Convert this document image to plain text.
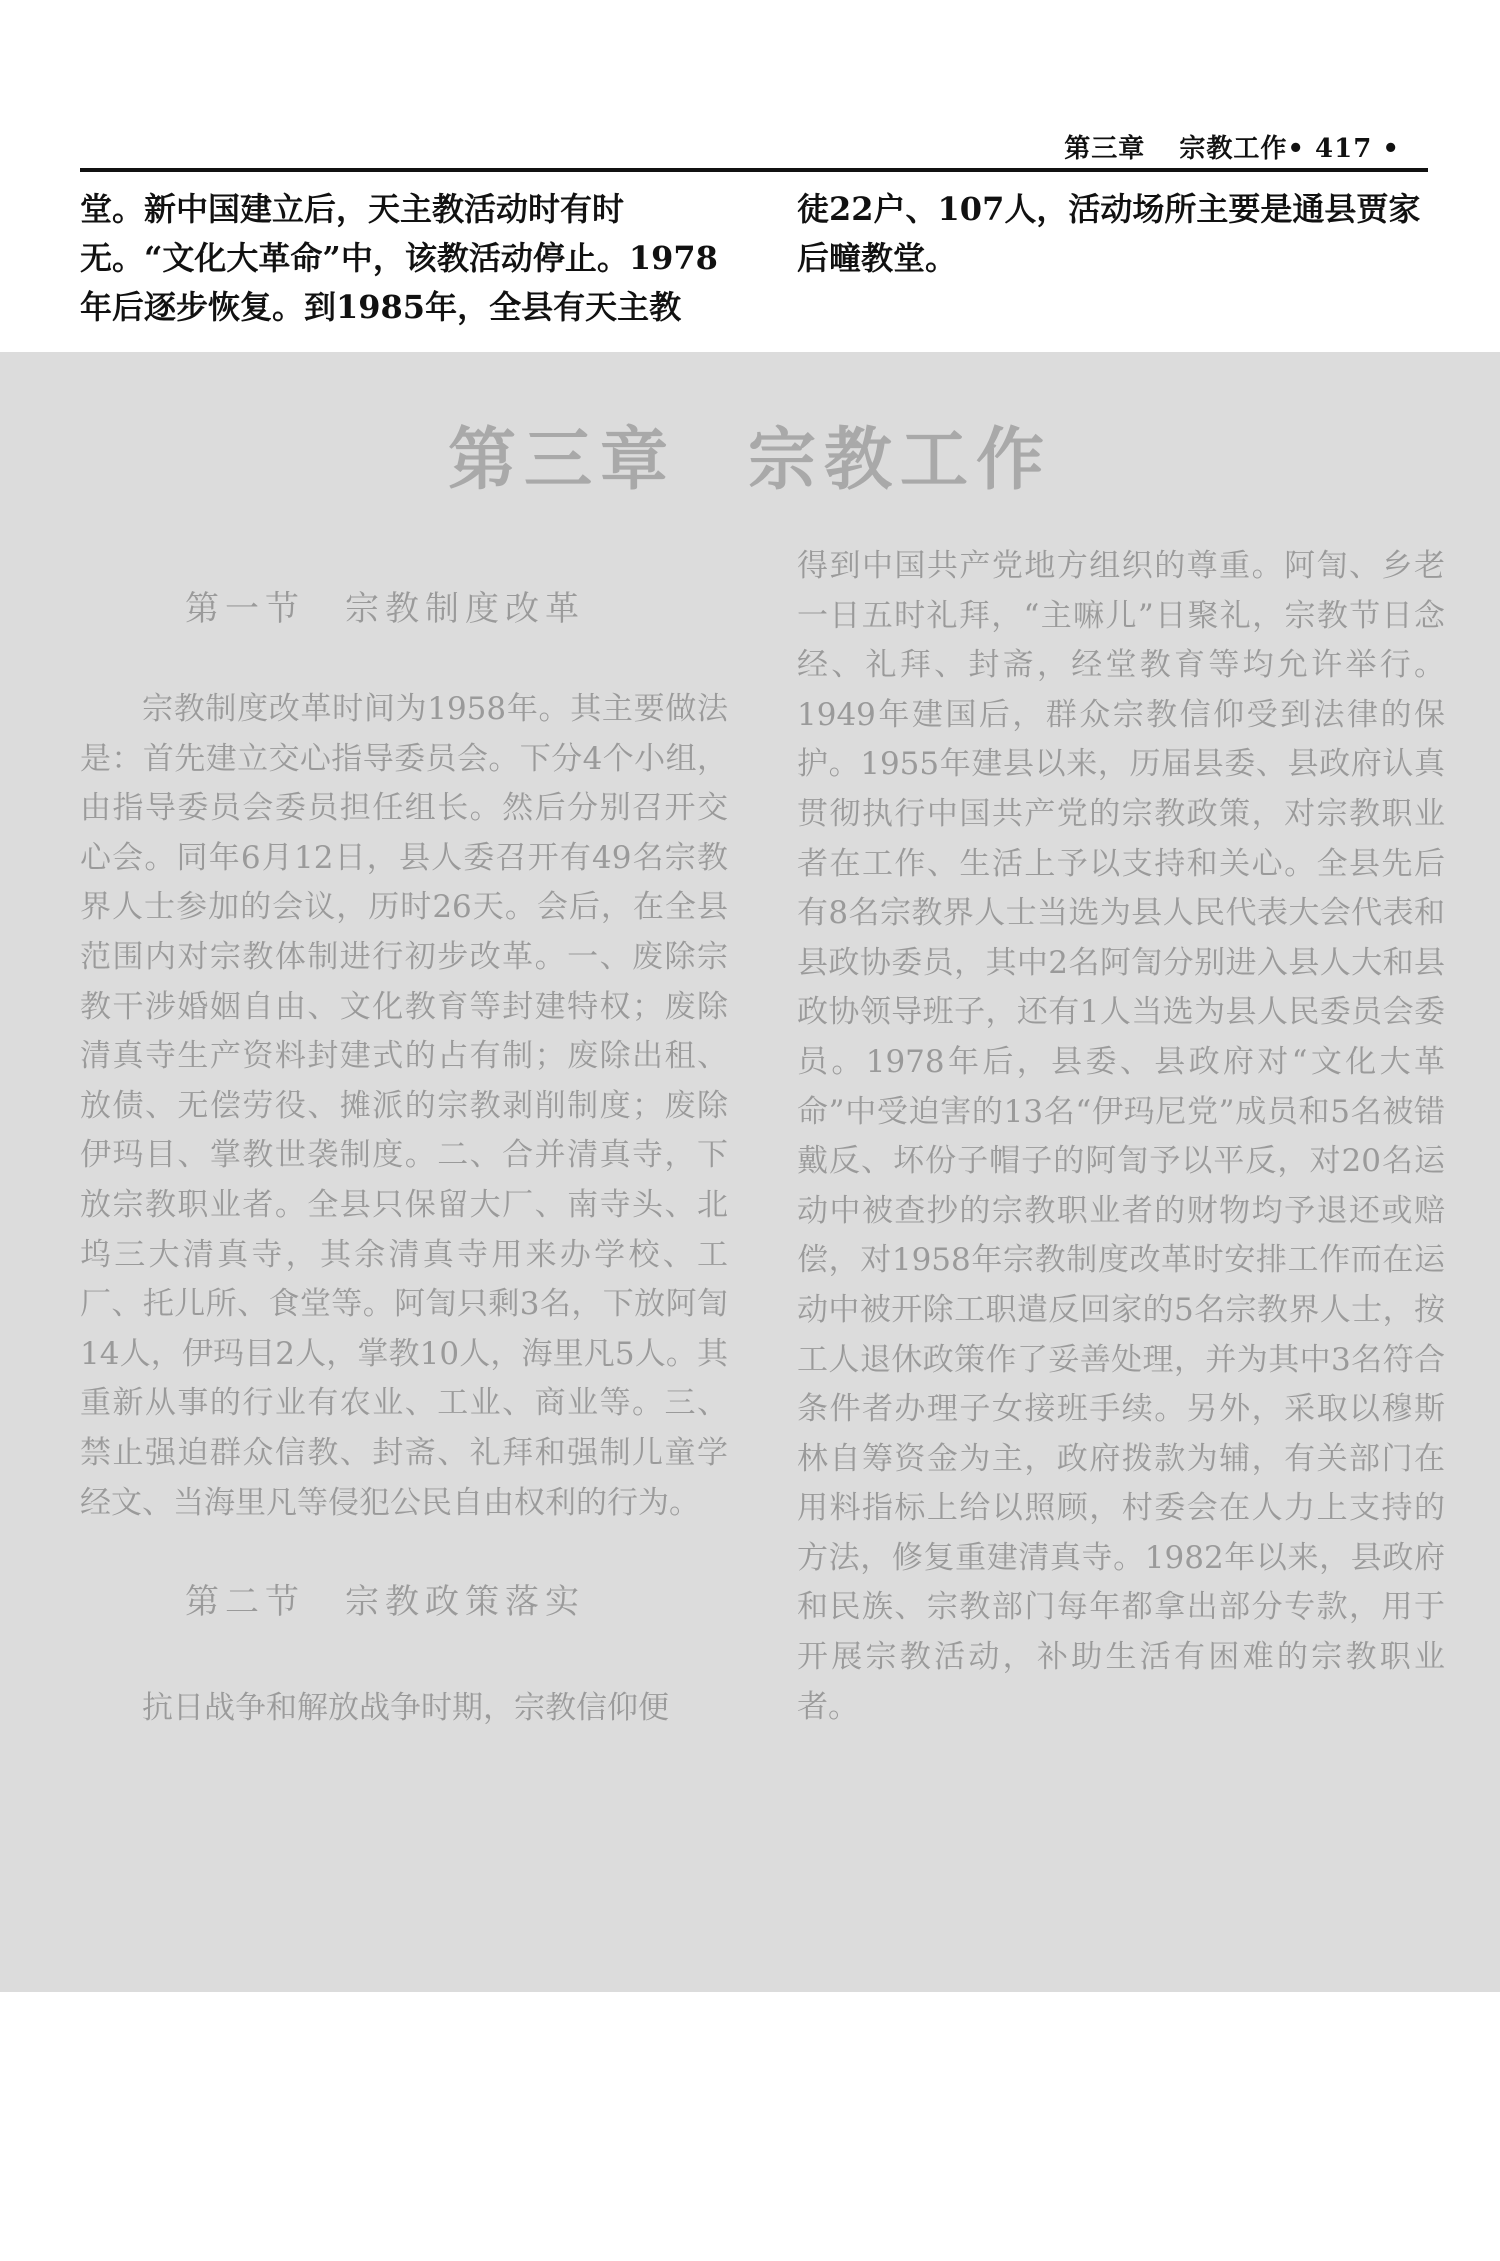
第三章 宗教工作• 417 •
堂。新中国建立后，天主教活动时有时无。“文化大革命”中，该教活动停止。1978年后逐步恢复。到1985年，全县有天主教
徒22户、107人，活动场所主要是通县贾家后疃教堂。
第三章 宗教工作
第一节 宗教制度改革

宗教制度改革时间为1958年。其主要做法是：首先建立交心指导委员会。下分4个小组，由指导委员会委员担任组长。然后分别召开交心会。同年6月12日，县人委召开有49名宗教界人士参加的会议，历时26天。会后，在全县范围内对宗教体制进行初步改革。一、废除宗教干涉婚姻自由、文化教育等封建特权；废除清真寺生产资料封建式的占有制；废除出租、放债、无偿劳役、摊派的宗教剥削制度；废除伊玛目、掌教世袭制度。二、合并清真寺，下放宗教职业者。全县只保留大厂、南寺头、北坞三大清真寺，其余清真寺用来办学校、工厂、托儿所、食堂等。阿訇只剩3名，下放阿訇14人，伊玛目2人，掌教10人，海里凡5人。其重新从事的行业有农业、工业、商业等。三、禁止强迫群众信教、封斋、礼拜和强制儿童学经文、当海里凡等侵犯公民自由权利的行为。

第二节 宗教政策落实

抗日战争和解放战争时期，宗教信仰便

得到中国共产党地方组织的尊重。阿訇、乡老一日五时礼拜，“主嘛儿”日聚礼，宗教节日念经、礼拜、封斋，经堂教育等均允许举行。1949年建国后，群众宗教信仰受到法律的保护。1955年建县以来，历届县委、县政府认真贯彻执行中国共产党的宗教政策，对宗教职业者在工作、生活上予以支持和关心。全县先后有8名宗教界人士当选为县人民代表大会代表和县政协委员，其中2名阿訇分别进入县人大和县政协领导班子，还有1人当选为县人民委员会委员。1978年后，县委、县政府对“文化大革命”中受迫害的13名“伊玛尼党”成员和5名被错戴反、坏份子帽子的阿訇予以平反，对20名运动中被查抄的宗教职业者的财物均予退还或赔偿，对1958年宗教制度改革时安排工作而在运动中被开除工职遣反回家的5名宗教界人士，按工人退休政策作了妥善处理，并为其中3名符合条件者办理子女接班手续。另外，采取以穆斯林自筹资金为主，政府拨款为辅，有关部门在用料指标上给以照顾，村委会在人力上支持的方法，修复重建清真寺。1982年以来，县政府和民族、宗教部门每年都拿出部分专款，用于开展宗教活动，补助生活有困难的宗教职业者。
